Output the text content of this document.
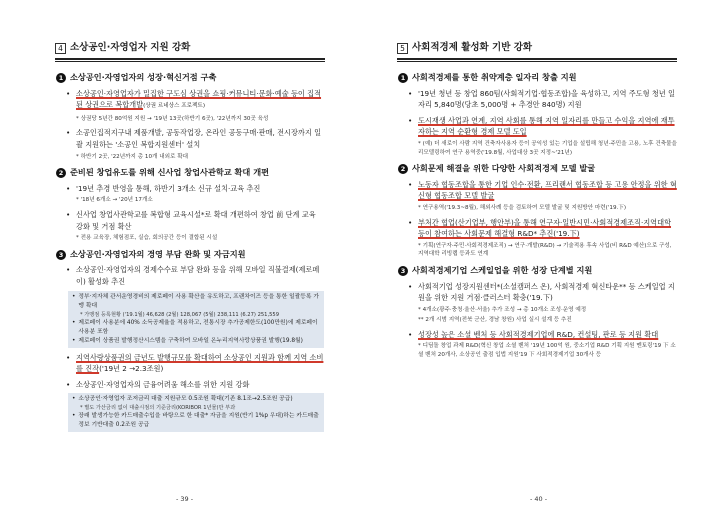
4 소상공인·자영업자 지원 강화
1 소상공인·자영업자의 성장·혁신거점 구축
• 소상공인·자영업자가 밀집한 구도심 상권을 쇼핑·커뮤니티·문화·예술 등이 집적된 상권으로 복합개발(상권 르네상스 프로젝트)
* 상권당 5년간 80억원 지원 → '19년 13곳(하반기 6곳), '22년까지 30곳 육성
• 소공인집적지구내 제품개발, 공동작업장, 온라인 공동구매·판매, 전시장까지 일괄 지원하는 '소공인 복합지원센터' 설치
* 하반기 2곳, '22년까지 총 10개 내외로 확대
2 준비된 창업유도를 위해 신사업 창업사관학교 확대 개편
• '19년 추경 반영을 통해, 하반기 3개소 신규 설치·교육 추진
* '18년 6개소 → '20년 17개소
• 신사업 창업사관학교를 복합형 교육시설*로 확대 개편하여 창업 前 단계 교육 강화 및 거점 확산
* 전용 교육장, 체험점포, 실습, 회의공간 등이 결합된 시설
3 소상공인·자영업자의 경영 부담 완화 및 자금지원
• 소상공인·자영업자의 경제수수료 부담 완화 등을 위해 모바일 직불결제(제로페이) 활성화 추진
• 정부·지자체 관서운영경비의 제로페이 사용 확산을 유도하고, 프랜차이즈 등을 통한 일괄등록 가맹 확대
* 가맹점 등록현황 ('19.1월) 46,628 (2월) 128,067 (5월) 238,111 (6.27) 251,559
• 제로페이 사용분에 40% 소득공제율을 적용하고, 전통시장 추가공제한도(100만원)에 제로페이 사용분 포함
• 제로페이 상품권 발행정산시스템을 구축하여 모바일 온누리지역사랑상품권 발행(19.8월)
• 지역사랑상품권의 금년도 발행규모를 확대하여 소상공인 지원과 함께 지역 소비를 진작('19년 2 →2.3조원)
• 소상공인·자영업자의 금융어려움 해소를 위한 지원 강화
• 소상공인·자영업자 조저금리 대출 지원규모 0.5조원 확대(기존 8.1조→2.5조원 공급)
* 별도 가산금리 없이 대출시점의 기준금리(KORIBOR 1년물)만 부과
• 장래 발생가능한 카드매출수입을 바탕으로 한 대출* 자금을 지원(반기 1%p 우대)하는 카드매출정보 기반대출 0.2조원 공급
- 39 -
5 사회적경제 활성화 기반 강화
1 사회적경제를 통한 취약계층 일자리 창출 지원
• '19년 청년 등 창업 860팀(사회적기업·협동조합)을 육성하고, 지역 주도형 청년 일자리 5,840명(당초 5,000명 + 추경안 840명) 지원
• 도시재생 사업과 연계, 지역 사회를 통해 지역 일자리를 만들고 수익을 지역에 재투자하는 지역 순환형 경제 모델 도입
* (예) 더 새로이 사람 지역 건축자사용자 등이 공익성 있는 기업을 설립해 청년·주민을 고용, 노후 건축물을 리모델링하여 연구 용역중('19.8월, 사업대상 3곳 지정~'21년)
2 사회문제 해결을 위한 다양한 사회적경제 모델 발굴
• 노동자 협동조합을 통한 기업 인수·전환, 프리랜서 협동조합 등 고용 안정을 위한 혁신형 협동조합 모델 발굴
* 연구용역('19.3~8월), 해외사례 등을 검토하여 모델 발굴 및 지원방안 마련('19.下)
• 부처간 협업(산기업부, 행안부)을 통해 연구자·일반시민·사회적경제조직·지역대학 등이 참여하는 사회문제 해결형 R&D* 추진('19.下)
* 기획(연구자·주민·사회적경제조직) → 연구·개발(R&D) → 기술적용 후속 사업(비 R&D 예산)으로 구성, 지역대학 리빙랩 등과도 연계
3 사회적경제기업 스케일업을 위한 성장 단계별 지원
• 사회적기업 성장지원센터*(소셜캠퍼스 온), 사회적경제 혁신타운** 등 스케일업 지원을 위한 지원 거점·클러스터 확충('19.下)
* 4개소(광주·충청·울산·서울) 추가 조성 → 총 10개소 조성·운영 예정
** 2개 시범 지역(전북 군산, 경남 창원) 사업 실시 설계 등 추진
• 성장성 높은 소셜 벤처 등 사회적경제기업에 R&D, 컨설팅, 판로 등 지원 확대
* 디딤돌 창업 과제 R&D(혁신 창업 소셜 벤처 '19년 100억 원, 중소기업 R&D 기획 지원 멘토링'19 下 소셜 벤처 20개사, 소상공인 출점 입법 지원'19 下 사회적경제기업 30개사 등
- 40 -
